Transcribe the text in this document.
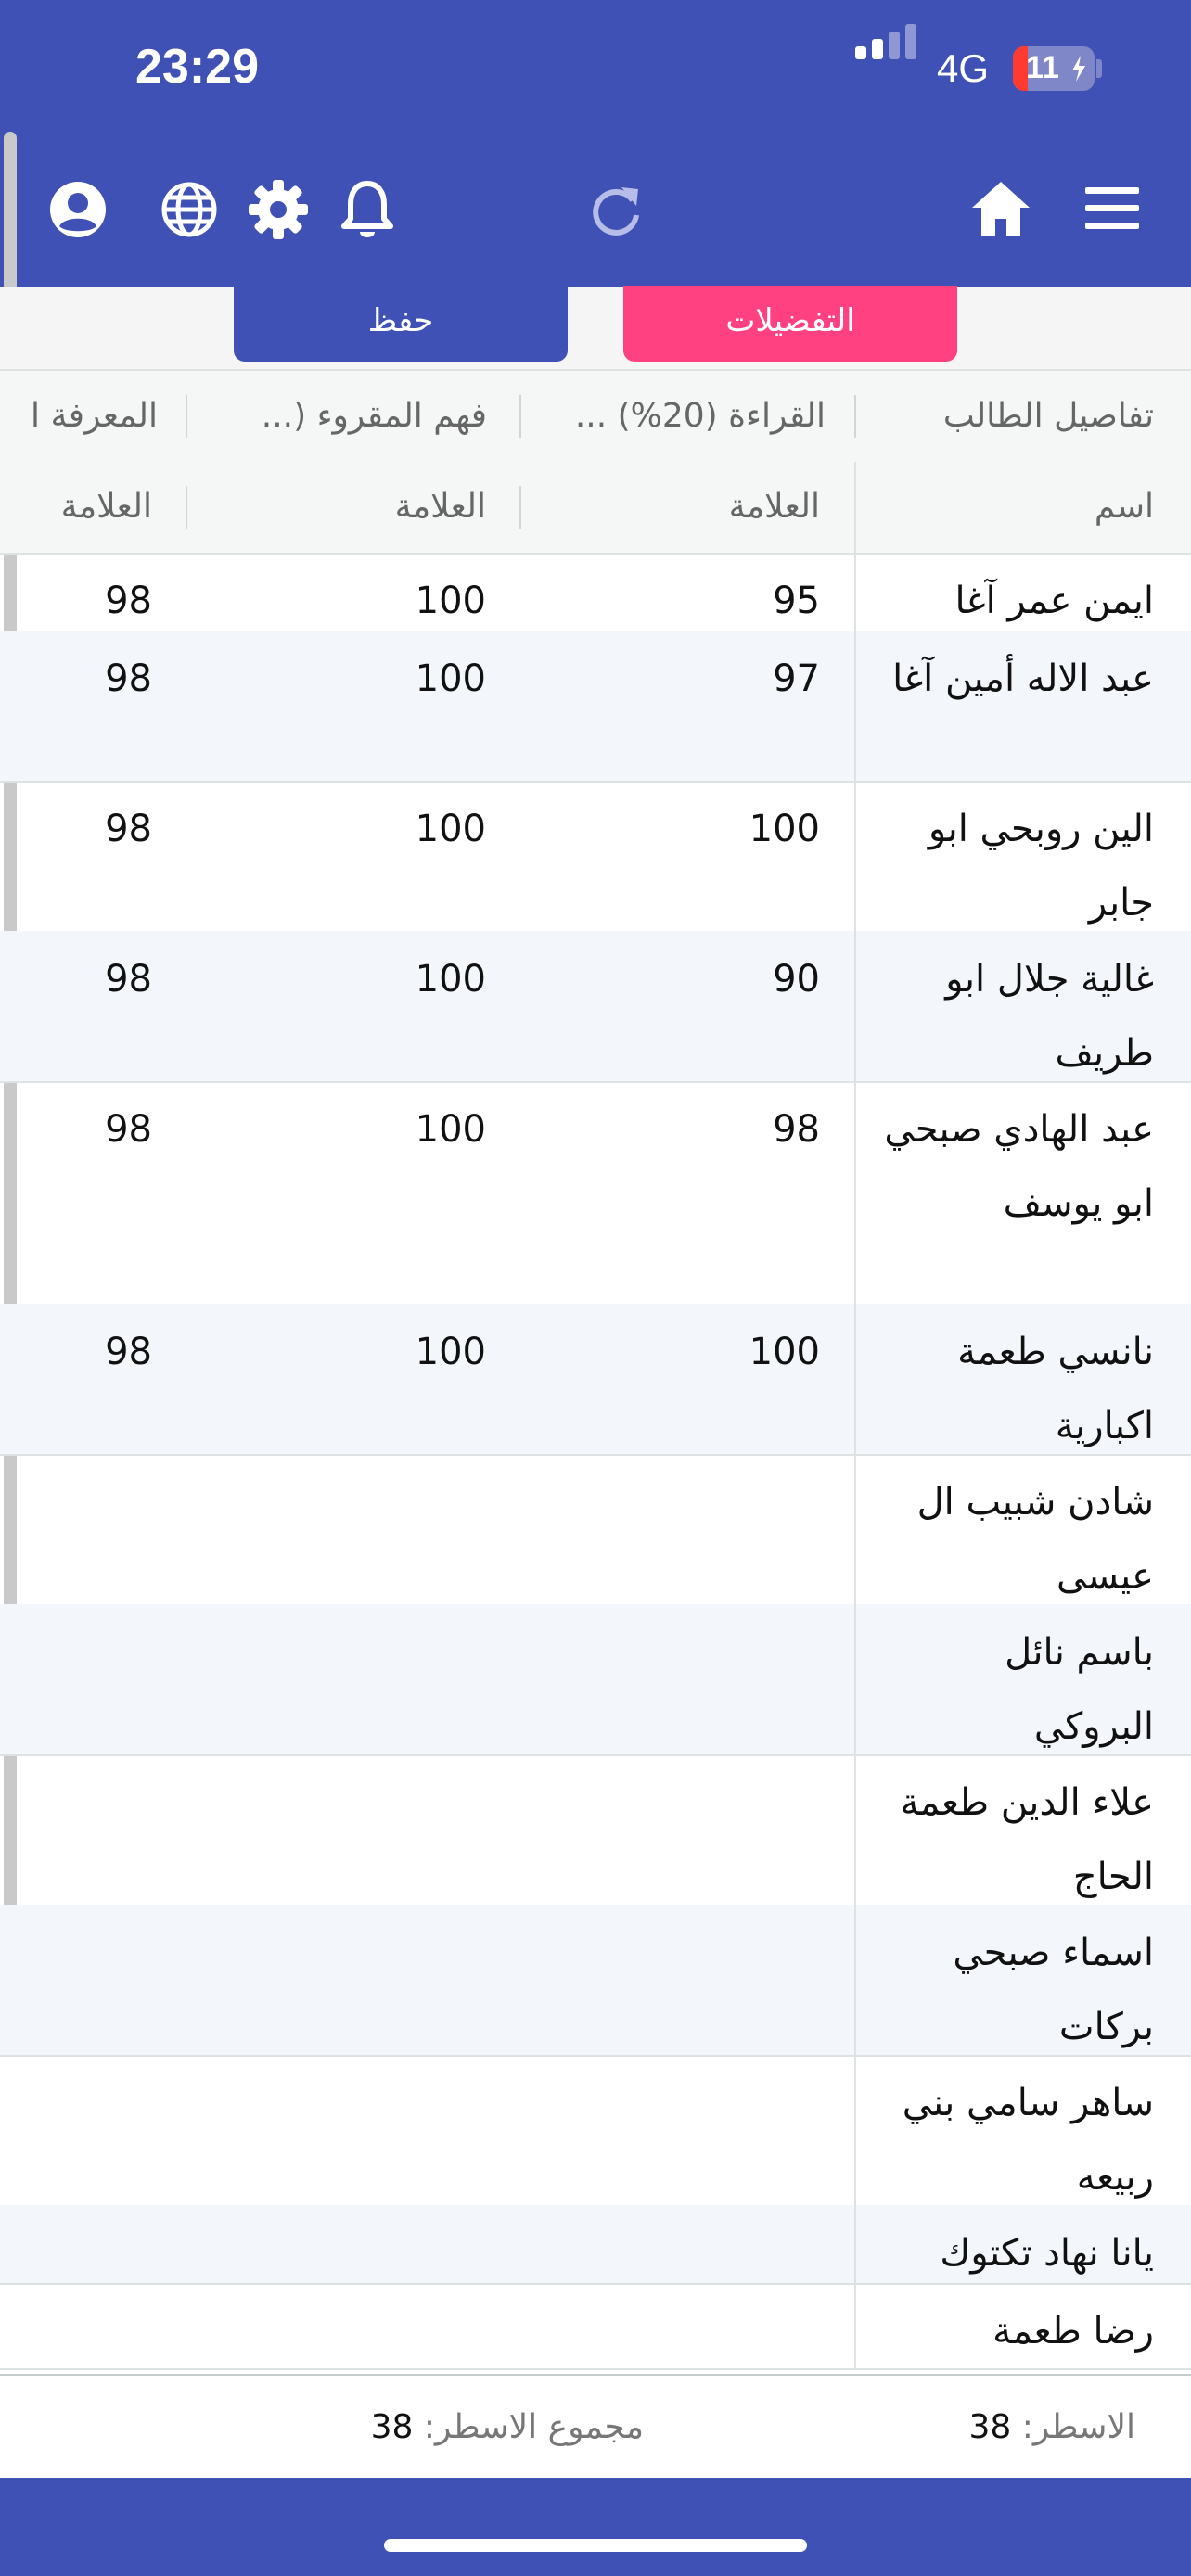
23:29	4G 11
حفظ	التفضيلات
تفاصيل الطالب
القراءة (20%) ...
فهم المقروء (...
المعرفة ا
اسم
العلامة
العلامة
العلامة
الاسطر: 38
مجموع الاسطر: 38
ايمن عمر آغا
95
100
98
عبد الاله أمين آغا
97
100
98
الين روبحي ابو جابر
100
100
98
غالية جلال ابو طريف
90
100
98
عبد الهادي صبحي ابو يوسف
98
100
98
نانسي طعمة اكبارية
100
100
98
شادن شبيب ال عيسى
باسم نائل البروكي
علاء الدين طعمة الحاج
اسماء صبحي بركات
ساهر سامي بني ربيعه
يانا نهاد تكتوك
رضا طعمة
